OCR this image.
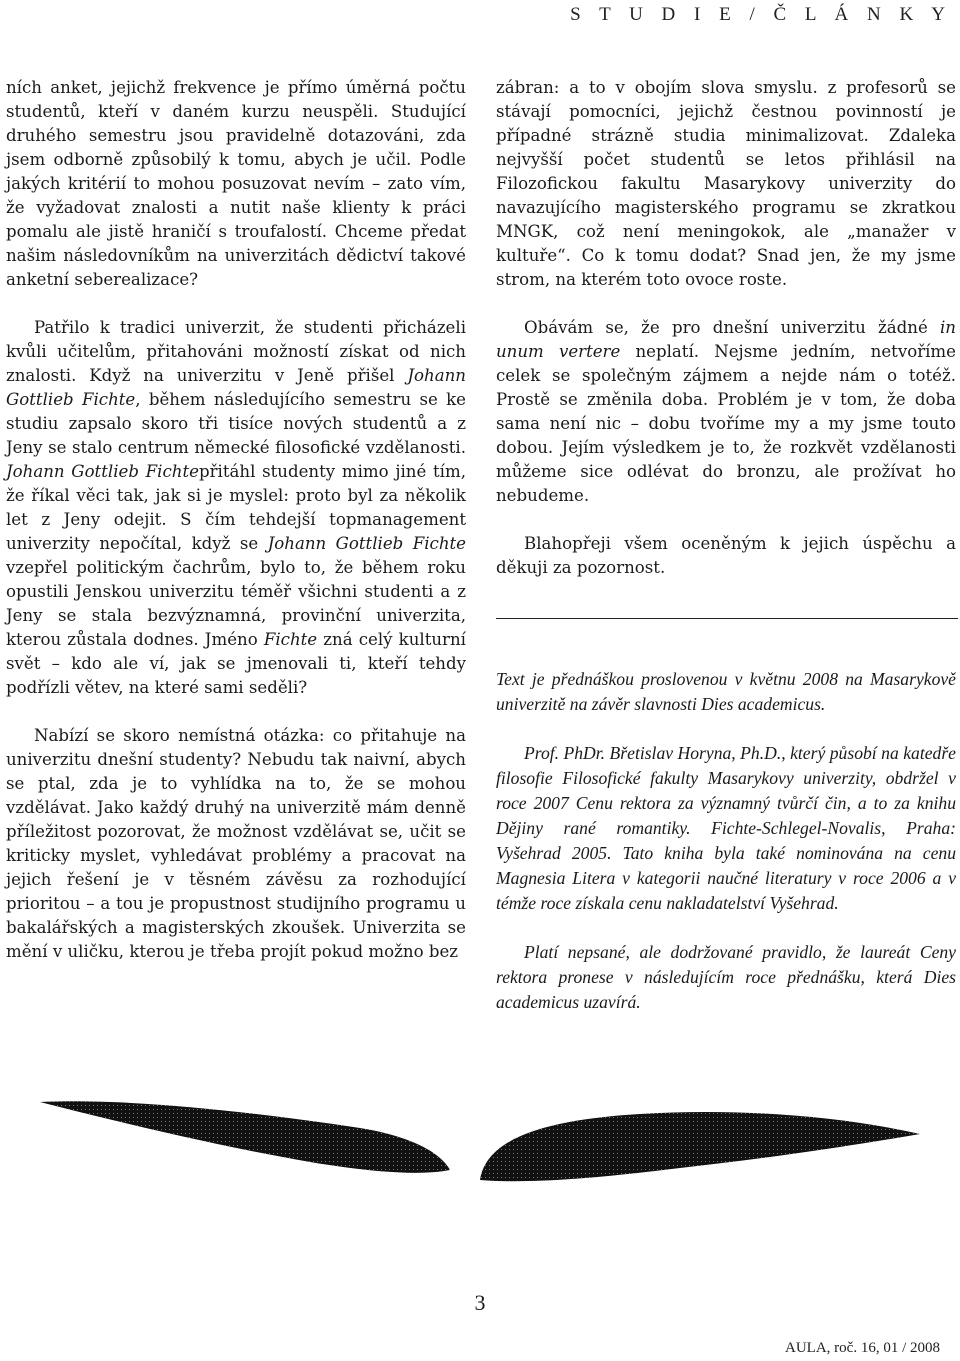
S T U D I E / Č L Á N K Y

ních anket, jejichž frekvence je přímo úměrná počtu studentů, kteří v daném kurzu neuspěli. Studující druhého semestru jsou pravidelně dotazováni, zda jsem odborně způsobilý k tomu, abych je učil. Podle jakých kritérií to mohou posuzovat nevím – zato vím, že vyžadovat znalosti a nutit naše klienty k práci pomalu ale jistě hraničí s troufalostí. Chceme předat našim následovníkům na univerzitách dědictví takové anketní seberealizace?

Patřilo k tradici univerzit, že studenti přicházeli kvůli učitelům, přitahováni možností získat od nich znalosti. Když na univerzitu v Jeně přišel Johann Gottlieb Fichte, během následujícího semestru se ke studiu zapsalo skoro tři tisíce nových studentů a z Jeny se stalo centrum německé filosofické vzdělanosti. Johann Gottlieb Fichtepřitáhl studenty mimo jiné tím, že říkal věci tak, jak si je myslel: proto byl za několik let z Jeny odejit. S čím tehdejší topmanagement univerzity nepočítal, když se Johann Gottlieb Fichte vzepřel politickým čachrům, bylo to, že během roku opustili Jenskou univerzitu téměř všichni studenti a z Jeny se stala bezvýznamná, provinční univerzita, kterou zůstala dodnes. Jméno Fichte zná celý kulturní svět – kdo ale ví, jak se jmenovali ti, kteří tehdy podřízli větev, na které sami seděli?

Nabízí se skoro nemístná otázka: co přitahuje na univerzitu dnešní studenty? Nebudu tak naivní, abych se ptal, zda je to vyhlídka na to, že se mohou vzdělávat. Jako každý druhý na univerzitě mám denně příležitost pozorovat, že možnost vzdělávat se, učit se kriticky myslet, vyhledávat problémy a pracovat na jejich řešení je v těsném závěsu za rozhodující prioritou – a tou je propustnost studijního programu u bakalářských a magisterských zkoušek. Univerzita se mění v uličku, kterou je třeba projít pokud možno bez

zábran: a to v obojím slova smyslu. z profesorů se stávají pomocníci, jejichž čestnou povinností je případné strázně studia minimalizovat. Zdaleka nejvyšší počet studentů se letos přihlásil na Filozofickou fakultu Masarykovy univerzity do navazujícího magisterského programu se zkratkou MNGK, což není meningokok, ale „manažer v kultuře“. Co k tomu dodat? Snad jen, že my jsme strom, na kterém toto ovoce roste.

Obávám se, že pro dnešní univerzitu žádné in unum vertere neplatí. Nejsme jedním, netvoříme celek se společným zájmem a nejde nám o totéž. Prostě se změnila doba. Problém je v tom, že doba sama není nic – dobu tvoříme my a my jsme touto dobou. Jejím výsledkem je to, že rozkvět vzdělanosti můžeme sice odlévat do bronzu, ale prožívat ho nebudeme.

Blahopřeji všem oceněným k jejich úspěchu a děkuji za pozornost.

Text je přednáškou proslovenou v květnu 2008 na Masarykově univerzitě na závěr slavnosti Dies academicus.

Prof. PhDr. Břetislav Horyna, Ph.D., který působí na katedře filosofie Filosofické fakulty Masarykovy univerzity, obdržel v roce 2007 Cenu rektora za významný tvůrčí čin, a to za knihu Dějiny rané romantiky. Fichte-Schlegel-Novalis, Praha: Vyšehrad 2005. Tato kniha byla také nominována na cenu Magnesia Litera v kategorii naučné literatury v roce 2006 a v témže roce získala cenu nakladatelství Vyšehrad.

Platí nepsané, ale dodržované pravidlo, že laureát Ceny rektora pronese v následujícím roce přednášku, která Dies academicus uzavírá.

3
AULA, roč. 16, 01 / 2008
